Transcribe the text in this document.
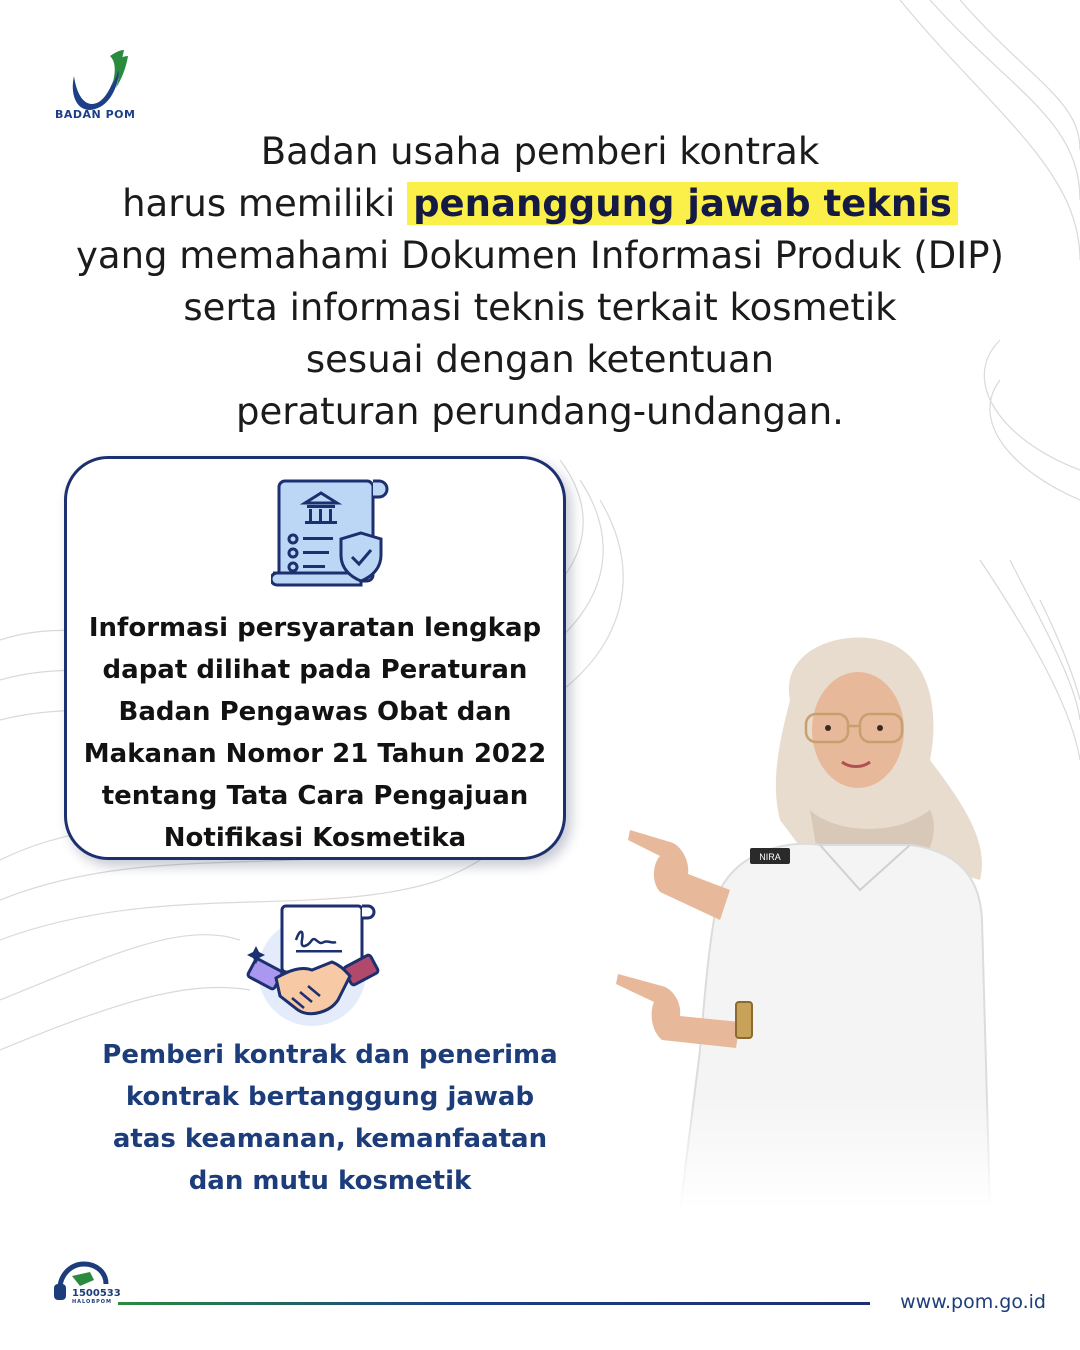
BADAN POM
Badan usaha pemberi kontrak
harus memiliki penanggung jawab teknis
yang memahami Dokumen Informasi Produk (DIP)
serta informasi teknis terkait kosmetik
sesuai dengan ketentuan
peraturan perundang-undangan.
Informasi persyaratan lengkap
dapat dilihat pada Peraturan
Badan Pengawas Obat dan
Makanan Nomor 21 Tahun 2022
tentang Tata Cara Pengajuan
Notifikasi Kosmetika
Pemberi kontrak dan penerima
kontrak bertanggung jawab
atas keamanan, kemanfaatan
dan mutu kosmetik
1500533
HALOBPOM	www.pom.go.id
